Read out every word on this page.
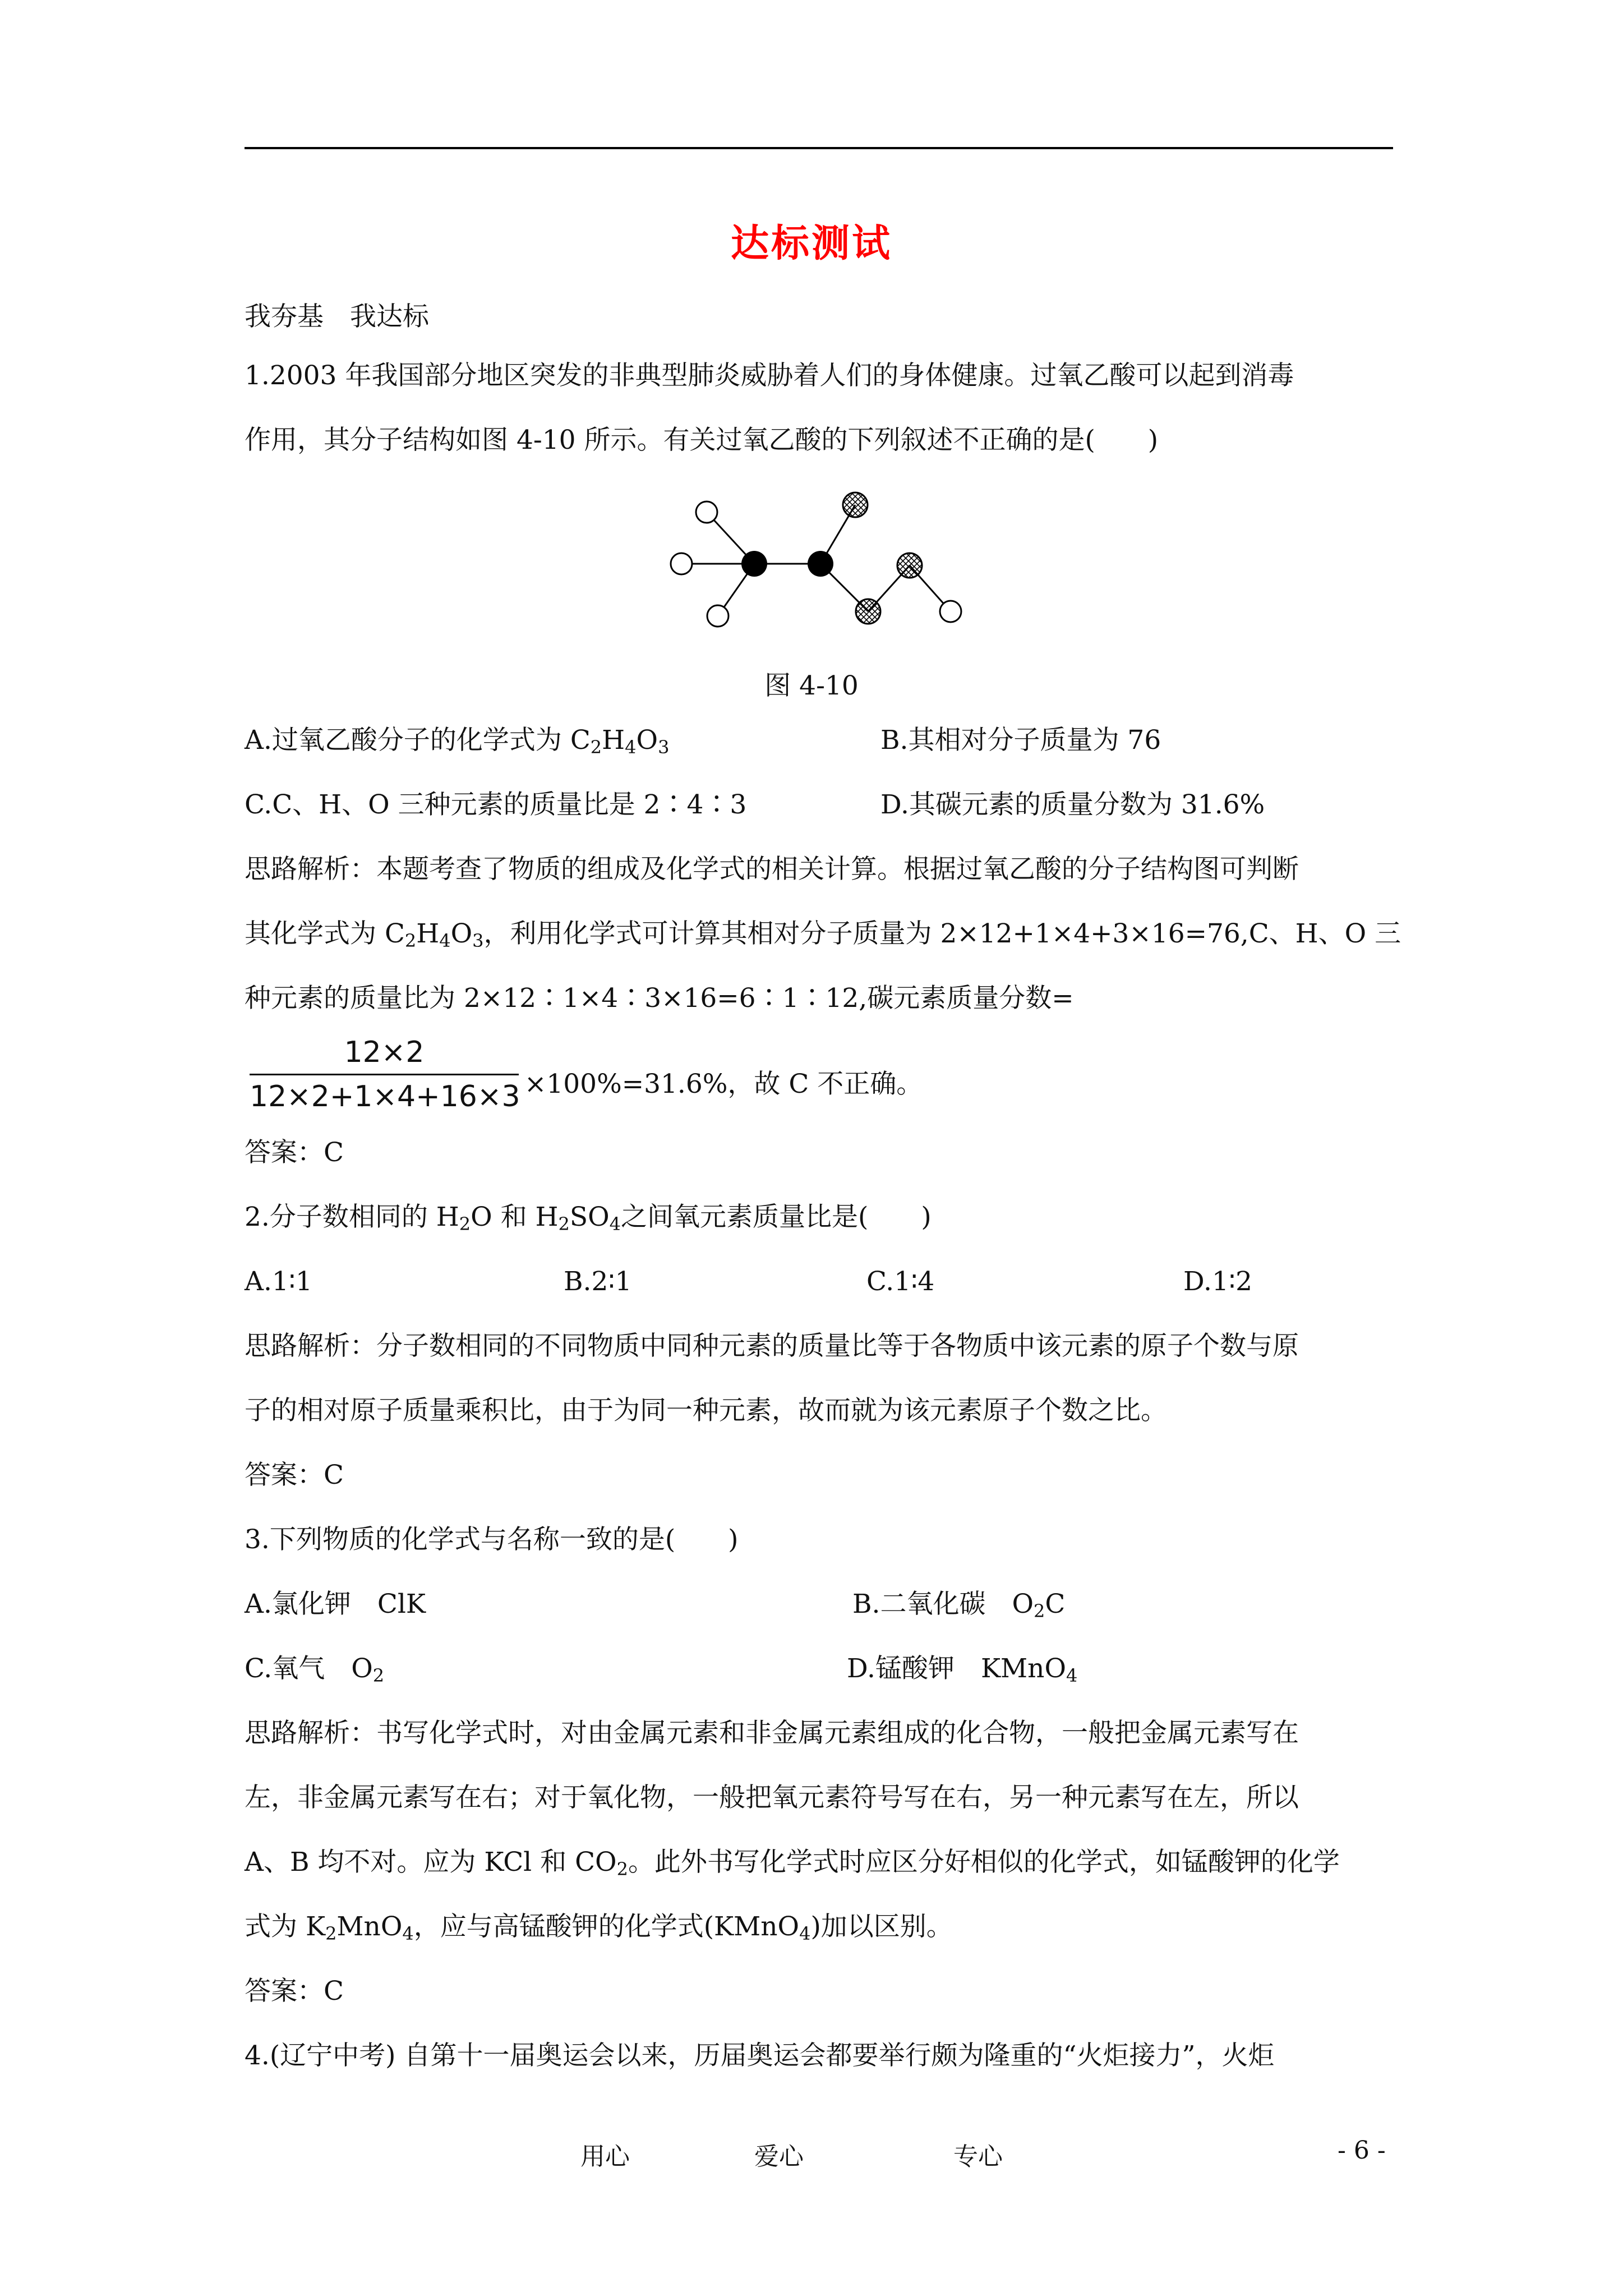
达标测试
我夯基　我达标
1.2003 年我国部分地区突发的非典型肺炎威胁着人们的身体健康。过氧乙酸可以起到消毒
作用，其分子结构如图 4-10 所示。有关过氧乙酸的下列叙述不正确的是(　　)
图 4-10
A.过氧乙酸分子的化学式为 $C_2H_4O_3$	B.其相对分子质量为 76
C.C、H、O 三种元素的质量比是 2∶4∶3	D.其碳元素的质量分数为 31.6%
思路解析：本题考查了物质的组成及化学式的相关计算。根据过氧乙酸的分子结构图可判断
其化学式为 $C_2H_4O_3$，利用化学式可计算其相对分子质量为 2×12+1×4+3×16=76,C、H、O 三
种元素的质量比为 2×12∶1×4∶3×16=6∶1∶12,碳元素质量分数=
12×2
12×2+1×4+16×3 ×100%=31.6%，故 C 不正确。
答案：C
2.分子数相同的 $H_2O$ 和 $H_2SO_4$之间氧元素质量比是(　　)
A.1∶1	B.2∶1	C.1∶4	D.1∶2
思路解析：分子数相同的不同物质中同种元素的质量比等于各物质中该元素的原子个数与原
子的相对原子质量乘积比，由于为同一种元素，故而就为该元素原子个数之比。
答案：C
3.下列物质的化学式与名称一致的是(　　)
A.氯化钾　ClK	B.二氧化碳　$O_2C$
C.氧气　$O_2$	D.锰酸钾　KMnO$_4$
思路解析：书写化学式时，对由金属元素和非金属元素组成的化合物，一般把金属元素写在
左，非金属元素写在右；对于氧化物，一般把氧元素符号写在右，另一种元素写在左，所以
A、B 均不对。应为 KCl 和 $CO_2$。此外书写化学式时应区分好相似的化学式，如锰酸钾的化学
式为 $K_2MnO_4$，应与高锰酸钾的化学式(KMnO$_4$)加以区别。
答案：C
4.(辽宁中考) 自第十一届奥运会以来，历届奥运会都要举行颇为隆重的“火炬接力”，火炬
用心	爱心	专心	- 6 -
